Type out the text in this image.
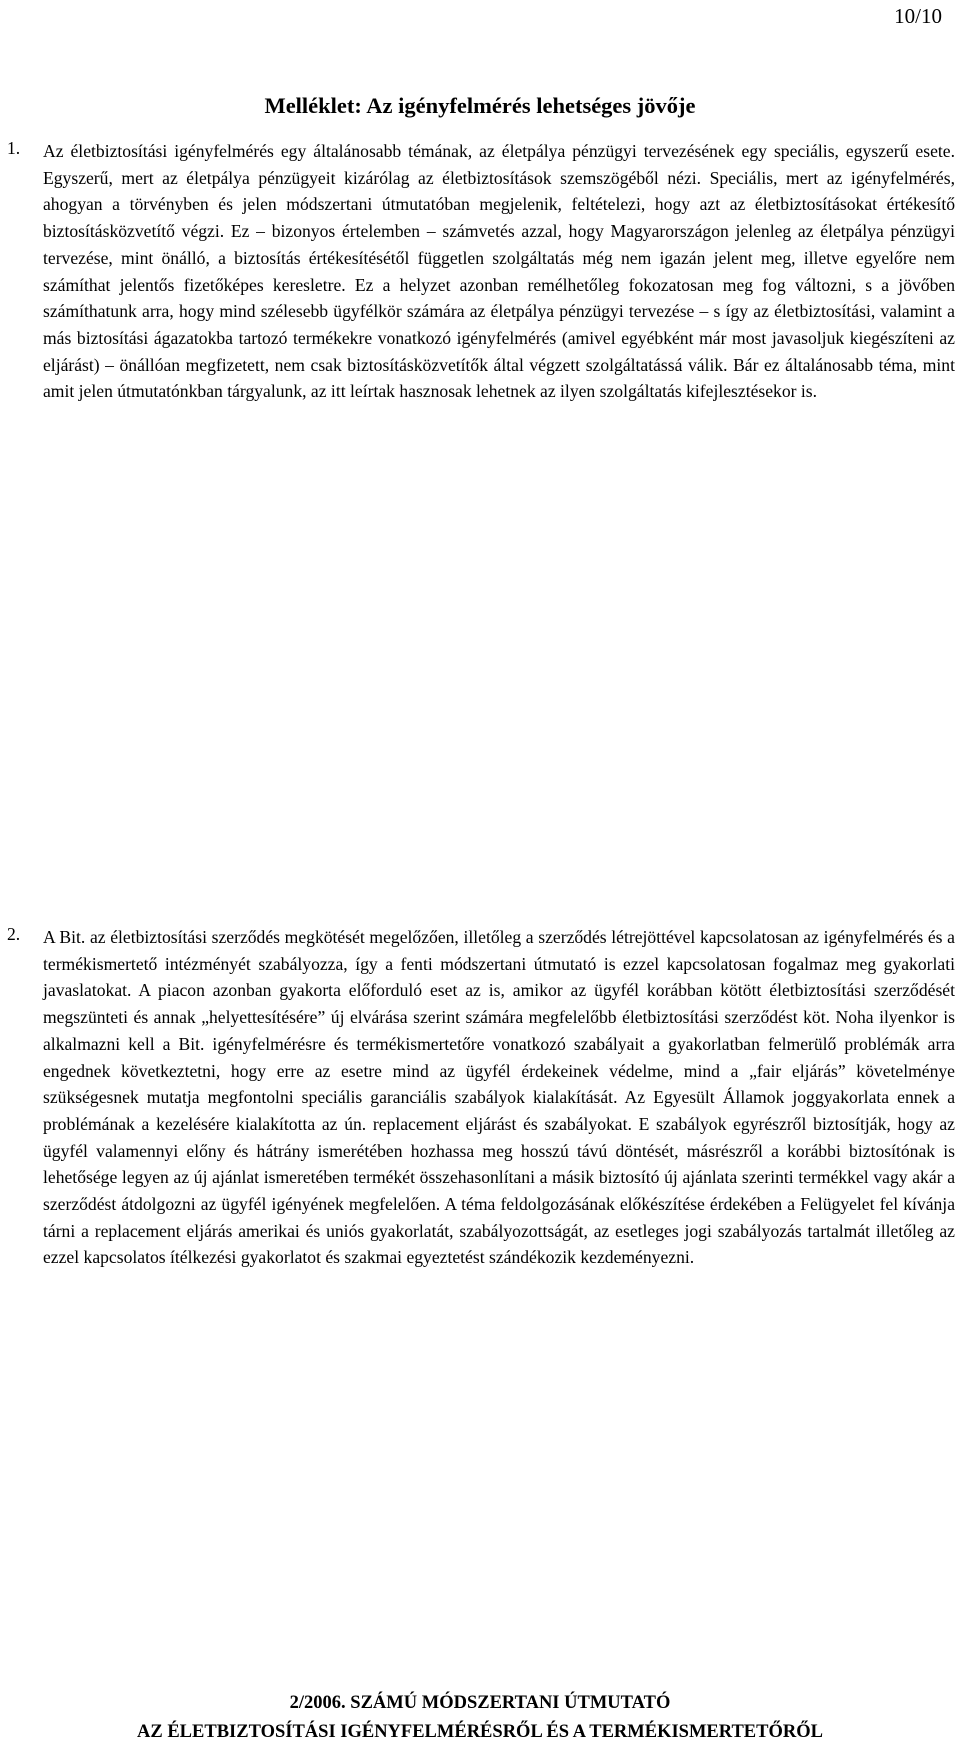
10/10
Melléklet: Az igényfelmérés lehetséges jövője
1. Az életbiztosítási igényfelmérés egy általánosabb témának, az életpálya pénzügyi tervezésének egy speciális, egyszerű esete. Egyszerű, mert az életpálya pénzügyeit kizárólag az életbiztosítások szemszögéből nézi. Speciális, mert az igényfelmérés, ahogyan a törvényben és jelen módszertani útmutatóban megjelenik, feltételezi, hogy azt az életbiztosításokat értékesítő biztosításközvetítő végzi. Ez – bizonyos értelemben – számvetés azzal, hogy Magyarországon jelenleg az életpálya pénzügyi tervezése, mint önálló, a biztosítás értékesítésétől független szolgáltatás még nem igazán jelent meg, illetve egyelőre nem számíthat jelentős fizetőképes keresletre. Ez a helyzet azonban remélhetőleg fokozatosan meg fog változni, s a jövőben számíthatunk arra, hogy mind szélesebb ügyfélkör számára az életpálya pénzügyi tervezése – s így az életbiztosítási, valamint a más biztosítási ágazatokba tartozó termékekre vonatkozó igényfelmérés (amivel egyébként már most javasoljuk kiegészíteni az eljárást) – önállóan megfizetett, nem csak biztosításközvetítők által végzett szolgáltatássá válik. Bár ez általánosabb téma, mint amit jelen útmutatónkban tárgyalunk, az itt leírtak hasznosak lehetnek az ilyen szolgáltatás kifejlesztésekor is.

2. A Bit. az életbiztosítási szerződés megkötését megelőzően, illetőleg a szerződés létrejöttével kapcsolatosan az igényfelmérés és a termékismertető intézményét szabályozza, így a fenti módszertani útmutató is ezzel kapcsolatosan fogalmaz meg gyakorlati javaslatokat. A piacon azonban gyakorta előforduló eset az is, amikor az ügyfél korábban kötött életbiztosítási szerződését megszünteti és annak „helyettesítésére” új elvárása szerint számára megfelelőbb életbiztosítási szerződést köt. Noha ilyenkor is alkalmazni kell a Bit. igényfelmérésre és termékismertetőre vonatkozó szabályait a gyakorlatban felmerülő problémák arra engednek következtetni, hogy erre az esetre mind az ügyfél érdekeinek védelme, mind a „fair eljárás” követelménye szükségesnek mutatja megfontolni speciális garanciális szabályok kialakítását. Az Egyesült Államok joggyakorlata ennek a problémának a kezelésére kialakította az ún. replacement eljárást és szabályokat. E szabályok egyrészről biztosítják, hogy az ügyfél valamennyi előny és hátrány ismerétében hozhassa meg hosszú távú döntését, másrészről a korábbi biztosítónak is lehetősége legyen az új ajánlat ismeretében termékét összehasonlítani a másik biztosító új ajánlata szerinti termékkel vagy akár a szerződést átdolgozni az ügyfél igényének megfelelően. A téma feldolgozásának előkészítése érdekében a Felügyelet fel kívánja tárni a replacement eljárás amerikai és uniós gyakorlatát, szabályozottságát, az esetleges jogi szabályozás tartalmát illetőleg az ezzel kapcsolatos ítélkezési gyakorlatot és szakmai egyeztetést szándékozik kezdeményezni.

2/2006. SZÁMÚ MÓDSZERTANI ÚTMUTATÓ
AZ ÉLETBIZTOSÍTÁSI IGÉNYFELMÉRÉSRŐL ÉS A TERMÉKISMERTETŐRŐL
